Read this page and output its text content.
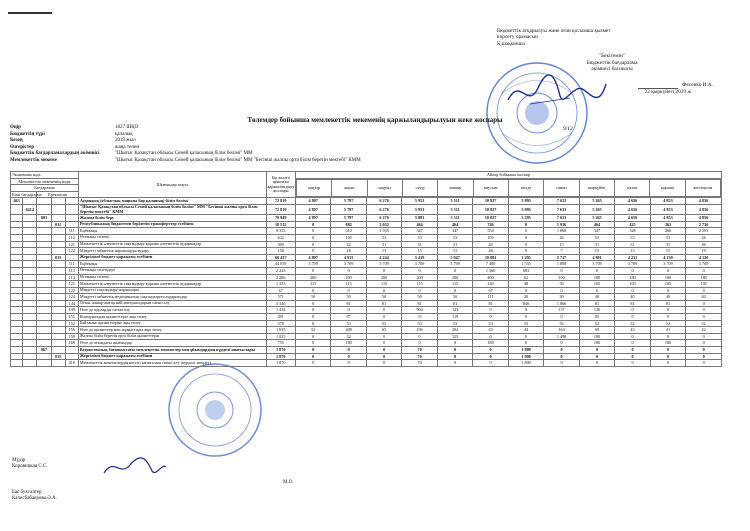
Бюджеттік атқарылуы және оған қосымша қызмет
көрсету орамасын
Қ.шақыншы
"Бекітемін"
Бюджеттік бағдарлама
әкімшісі басшысы
Фесенко И.А.
22 қыркүйегі 2019 ж
9/12
Төлемдер бойынша мемлекеттік мекеменің қаржыландырылуын жеке жоспары
Өңір	1827 ШҚО
Бюджеттің түрі	қалалық
Кезең	2019 жыл
Өзгерістер	жаңа төлем
Бюджеттік бағдарламалардың әкімшісі	"Шығыс Қазақстан облысы Семей қаласының білім бөлімі" ММ
Мемлекеттік мекеме	"Шығыс Қазақстан облысы Семей қаласының білім бөлімі" ММ "Бесінші жалпы орта білім беретін мектебі" КММ
Экономика кода	Шығындар атауы	Бір жылға арналған қаржыландыру жоспары	Айлар бойынша жоспар
Мемлекеттік мекеменің коды	
қаңтар	ақпан	наурыз	сәуір	мамыр	маусым	шілде	тамыз	қыркүйек	қазан	қараша	желтоқсан

Бағдарлама
Кіші бағдарлама	Ерекшелік
463					Аудандық (облыстық маңызы бар қаланың) білім бөлімі	72 819	4 897	5 797	6 276	5 953	5 511	10 827	5 995	7 633	5 265	4 656	4 853	4 856
	6414				"Шығыс Қазақстан облысы Семей қаласының білім бөлімі" ММ "Бесінші жалпы орта білім беретін мектебі" КММ	72 819	4 897	5 797	6 276	5 953	5 511	10 827	5 995	7 633	5 265	4 656	4 853	4 856
		003			Жалпы білім беру	70 949	4 897	5 797	6 276	5 883	5 511	10 827	3 295	7 633	5 265	4 656	4 853	4 856
			011		Республикалық бюджеттен берілетін трансферттер есебінен	10 512	0	882	2 032	464	464	746	0	1 916	464	425	363	2 736
				111	Еңбекақы	9 353	0	610	1 935	347	347	554	0	1 868	347	328	266	2 593
				112	Өтемақы төлемі	632	0	105	53	53	53	105	0	26	53	53	53	26
				121	Мемлекеттік әлеуметтік сақтандыру қорына әлеуметтік аударымдар	369	0	42	31	31	31	44	0	15	31	31	31	46
				122	Міндетті зейнеттік жарналарды аудару	156	0	26	13	15	13	26	0	7	15	13	15	19
			015		Жергілікті бюджет қаражаты есебінен	60 437	4 897	4 915	4 244	5 419	5 047	10 081	3 295	5 717	4 801	4 231	4 230	4 120
				111	Еңбекақы	44 039	3 709	3 709	3 709	3 709	3 709	7 400	1 535	1 808	3 709	3 709	3 709	3 709
				113	Өтемақы төлемдері	2 243	0	0	0	0	0	1 560	683	0	0	0	0	0
				114	Өтемақы төлемі	2 286	200	200	200	200	200	400	62	100	180	180	180	180
				121	Мемлекеттік әлеуметтік сақтандыру қорына әлеуметтік аударымдар	1 353	115	115	115	115	115	240	48	59	105	105	105	105
				122	Міндетті сақтандыру жарналары	67	0	0	0	0	0	67	0	0	0	0	0	0
				124	Міндетті зейнеттік медициналық сақтандыруға аударымдар	571	50	50	50	50	50	111	20	30	40	40	40	40
				144	Отын, жанар-жағар май материалдарын сатып алу	3 340	0	81	81	81	81	81	846	1 866	81	81	81	0
				149	Өзге де қорларды сатып алу	1 434	0	0	0	904	143	0	0	157	120	0	0	0
				151	Коммуналдық қызметтерге ақы төлеу	291	0	87	0	0	119	0	0	0	85	0	0	0
				152	Байланыс қызметтеріне ақы төлеу	578	0	53	53	53	53	53	53	52	52	52	52	52
				156	Өзге де қызметтер мен жұмыстарға ақы төлеу	1 635	52	408	65	236	204	43	44	164	69	43	41	42
				159	Жалпы білім беретін орта білім қызметтерін	1 835	0	32	0	0	125	0	0	1 498	180	0	0	0
				169	Өзге де ағымдағы шығындар	755	0	180	0	0	0	189	0	0	180	0	180	0
		067			Ведомстволық бағыныстағы мемлекеттік мекемелер мен ұйымдардың күрделі шығыстары	1 870	0	0	0	70	0	0	1 800	0	0	0	0	0
			015		Жергілікті бюджет қаражаты есебінен	1 870	0	0	0	70	0	0	1 800	0	0	0	0	0
				416	Мемлекеттік мекемелердің негізгі капиталын сатып алу (күрделі жөндеу)	1 870	0	0	0	70	0	0	1 800	0	0	0	0	0
Мүдір
Коровицкая С.С.
М.О.
Бас бухгалтер
Калесбабаерова Ә.А.
